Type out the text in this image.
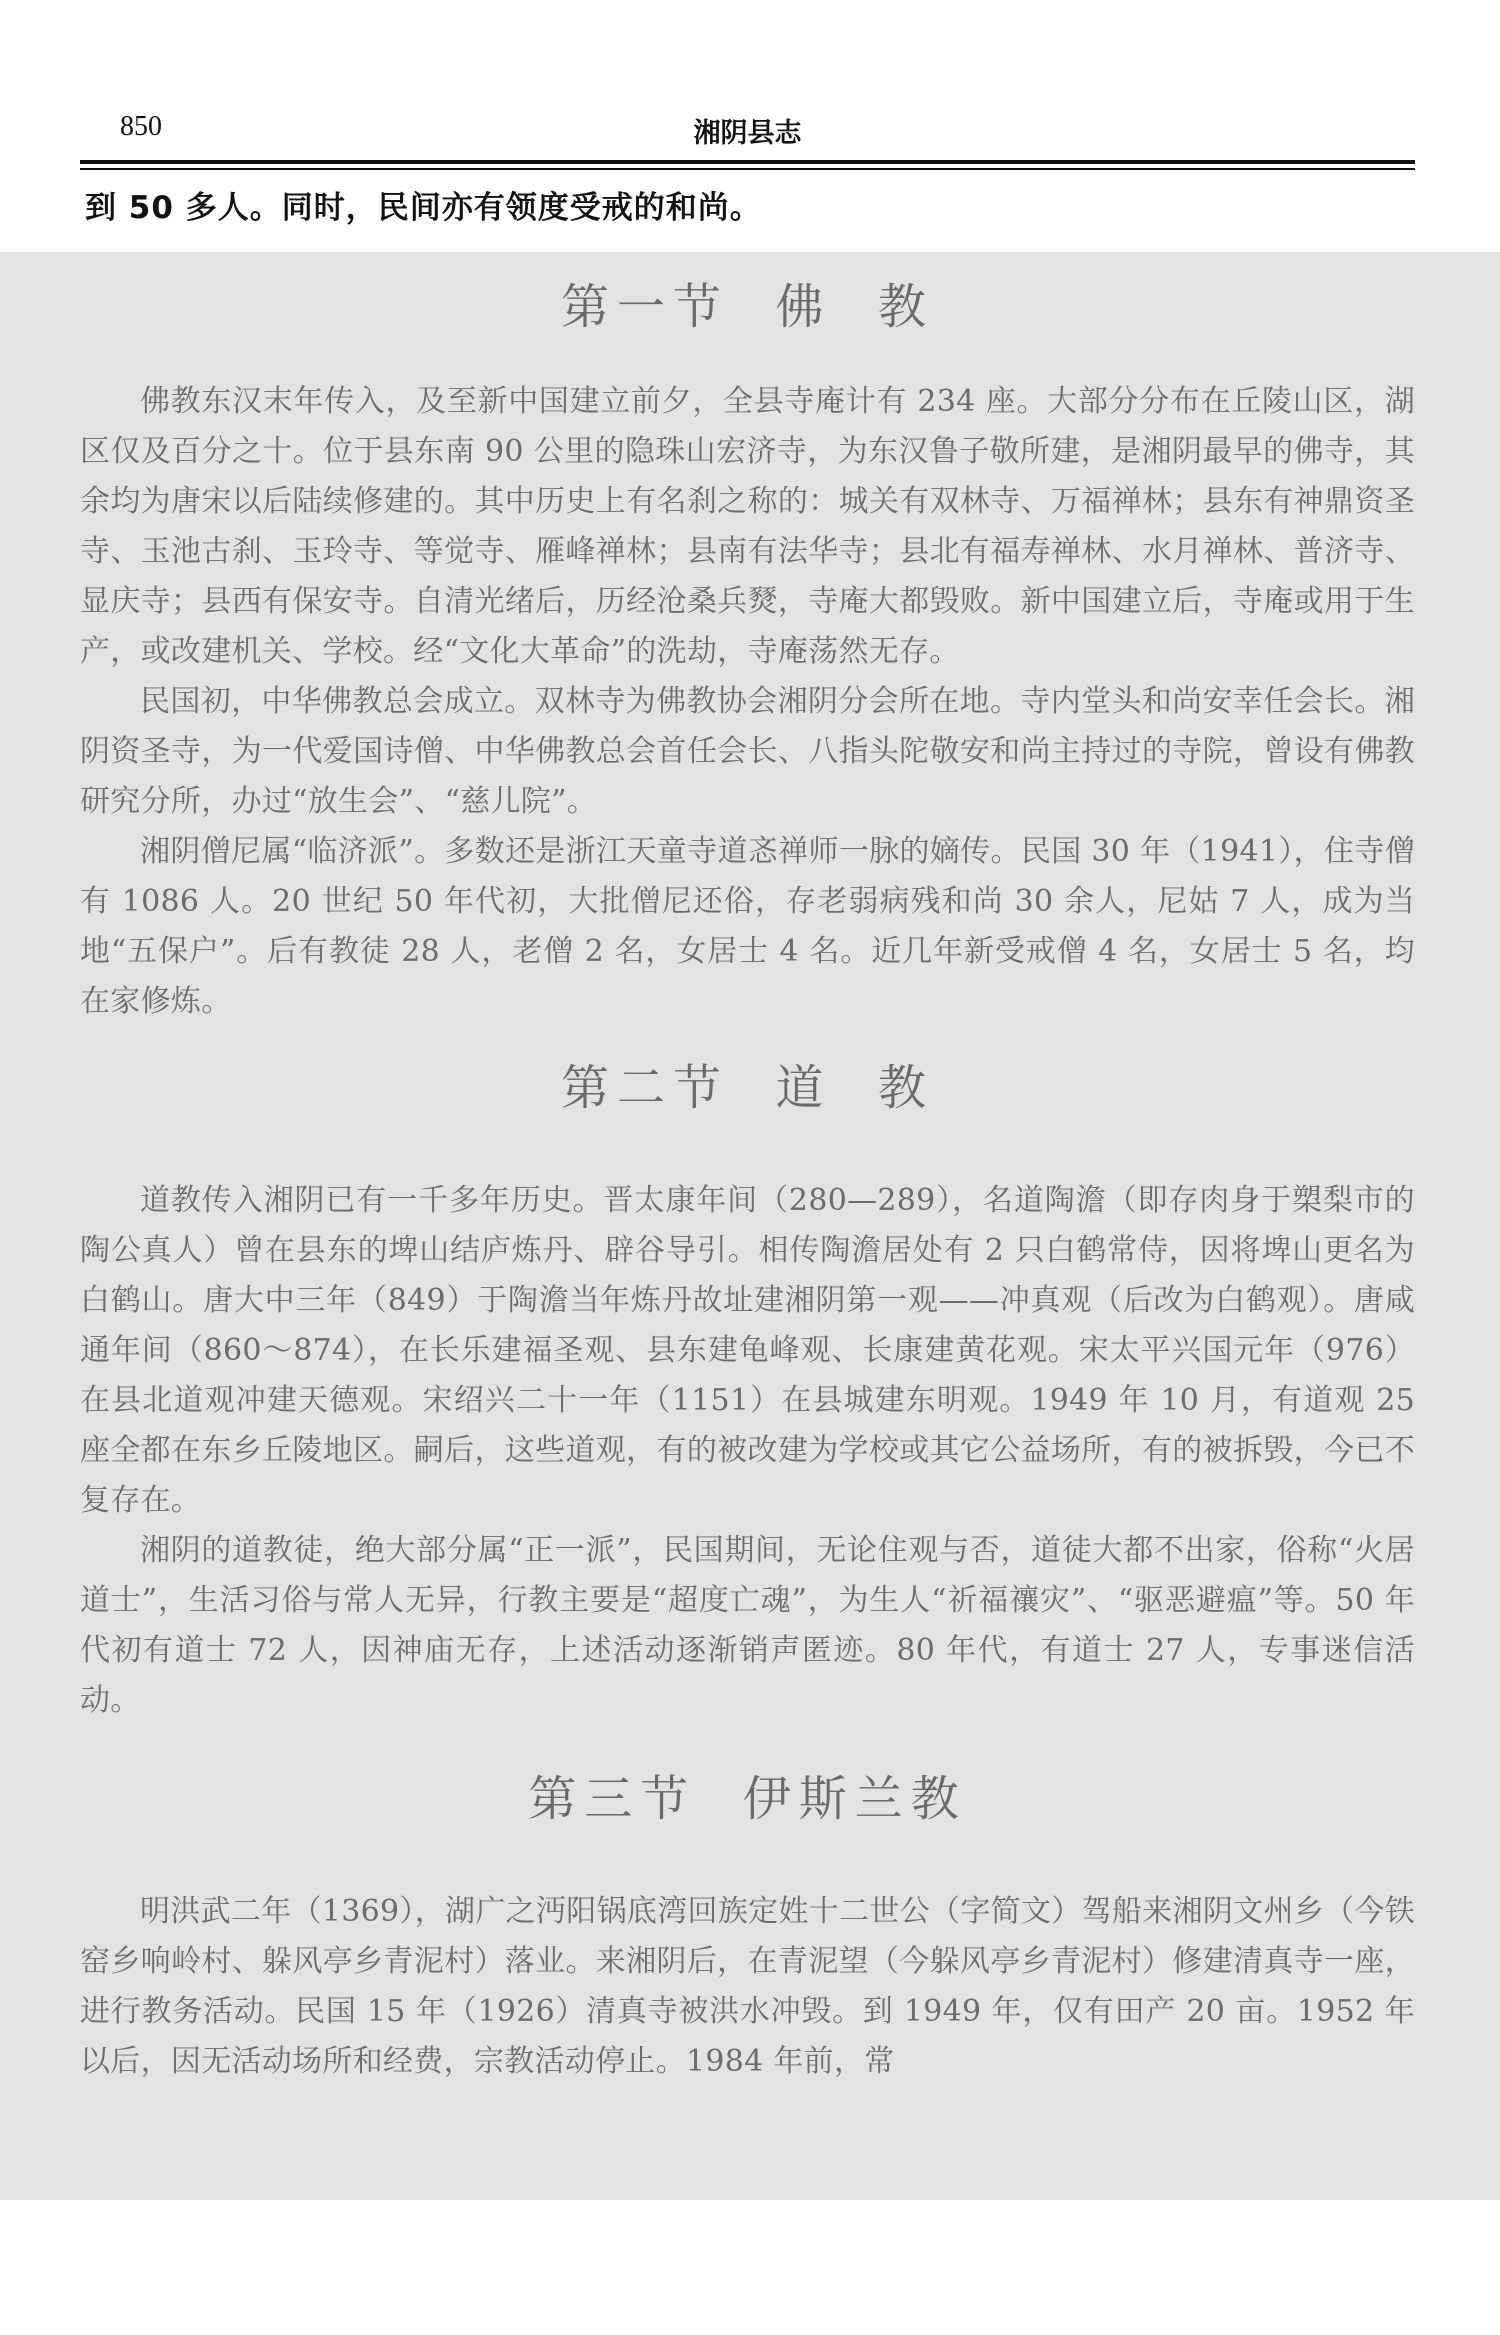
850	湘阴县志
到 50 多人。同时，民间亦有领度受戒的和尚。
第一节  佛  教

佛教东汉末年传入，及至新中国建立前夕，全县寺庵计有 234 座。大部分分布在丘陵山区，湖区仅及百分之十。位于县东南 90 公里的隐珠山宏济寺，为东汉鲁子敬所建，是湘阴最早的佛寺，其余均为唐宋以后陆续修建的。其中历史上有名刹之称的：城关有双林寺、万福禅林；县东有神鼎资圣寺、玉池古刹、玉玲寺、等觉寺、雁峰禅林；县南有法华寺；县北有福寿禅林、水月禅林、普济寺、显庆寺；县西有保安寺。自清光绪后，历经沧桑兵燹，寺庵大都毁败。新中国建立后，寺庵或用于生产，或改建机关、学校。经“文化大革命”的洗劫，寺庵荡然无存。

民国初，中华佛教总会成立。双林寺为佛教协会湘阴分会所在地。寺内堂头和尚安幸任会长。湘阴资圣寺，为一代爱国诗僧、中华佛教总会首任会长、八指头陀敬安和尚主持过的寺院，曾设有佛教研究分所，办过“放生会”、“慈儿院”。

湘阴僧尼属“临济派”。多数还是浙江天童寺道忞禅师一脉的嫡传。民国 30 年（1941），住寺僧有 1086 人。20 世纪 50 年代初，大批僧尼还俗，存老弱病残和尚 30 余人，尼姑 7 人，成为当地“五保户”。后有教徒 28 人，老僧 2 名，女居士 4 名。近几年新受戒僧 4 名，女居士 5 名，均在家修炼。

第二节  道  教

道教传入湘阴已有一千多年历史。晋太康年间（280—289），名道陶澹（即存肉身于槊梨市的陶公真人）曾在县东的埤山结庐炼丹、辟谷导引。相传陶澹居处有 2 只白鹤常侍，因将埤山更名为白鹤山。唐大中三年（849）于陶澹当年炼丹故址建湘阴第一观——冲真观（后改为白鹤观）。唐咸通年间（860～874），在长乐建福圣观、县东建龟峰观、长康建黄花观。宋太平兴国元年（976）在县北道观冲建天德观。宋绍兴二十一年（1151）在县城建东明观。1949 年 10 月，有道观 25 座全都在东乡丘陵地区。嗣后，这些道观，有的被改建为学校或其它公益场所，有的被拆毁，今已不复存在。

湘阴的道教徒，绝大部分属“正一派”，民国期间，无论住观与否，道徒大都不出家，俗称“火居道士”，生活习俗与常人无异，行教主要是“超度亡魂”，为生人“祈福禳灾”、“驱恶避瘟”等。50 年代初有道士 72 人，因神庙无存，上述活动逐渐销声匿迹。80 年代，有道士 27 人，专事迷信活动。

第三节  伊斯兰教

明洪武二年（1369），湖广之沔阳锅底湾回族定姓十二世公（字简文）驾船来湘阴文州乡（今铁窑乡响岭村、躲风亭乡青泥村）落业。来湘阴后，在青泥望（今躲风亭乡青泥村）修建清真寺一座，进行教务活动。民国 15 年（1926）清真寺被洪水冲毁。到 1949 年，仅有田产 20 亩。1952 年以后，因无活动场所和经费，宗教活动停止。1984 年前，常
